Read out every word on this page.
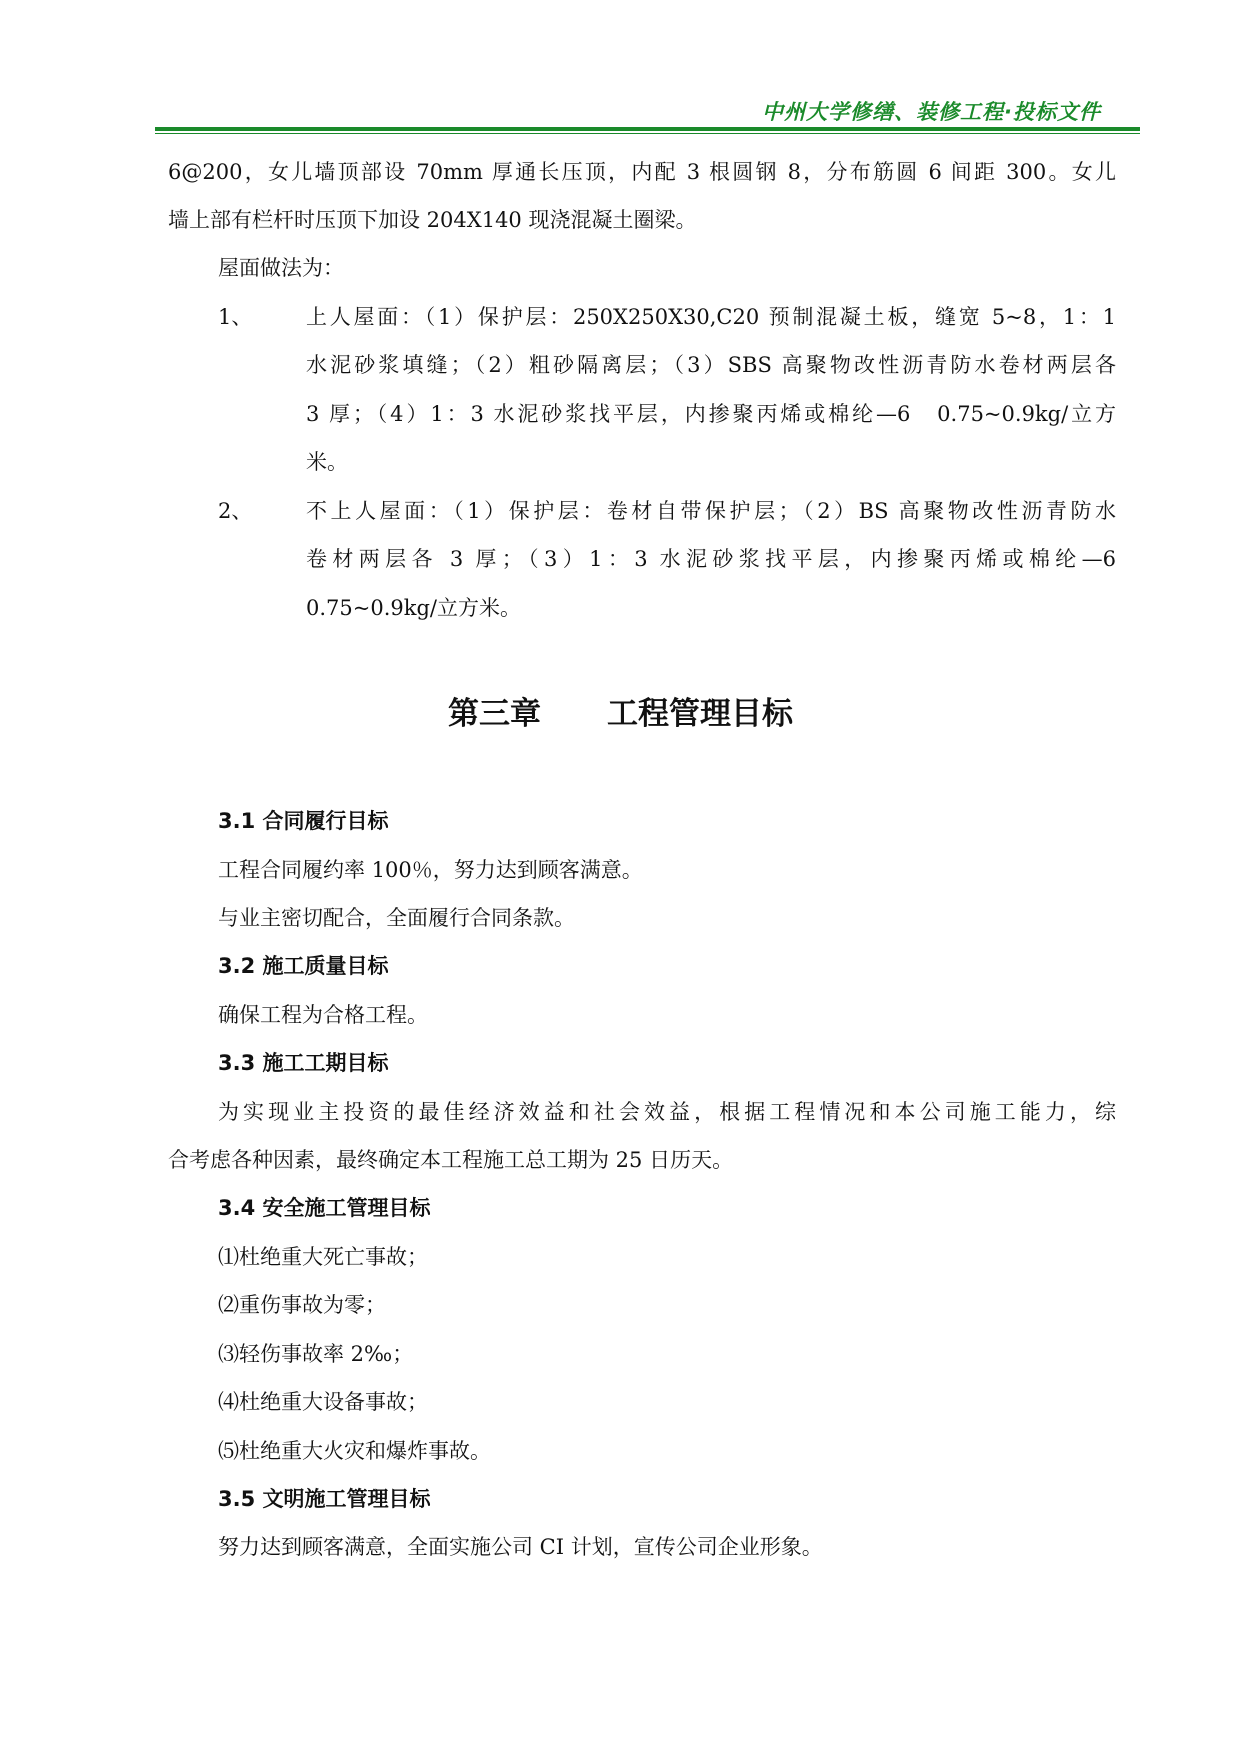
中州大学修缮、装修工程·投标文件
6@200，女儿墙顶部设 70mm 厚通长压顶，内配 3 根圆钢 8，分布筋圆 6 间距 300。女儿
墙上部有栏杆时压顶下加设 204X140 现浇混凝土圈梁。
屋面做法为：
1、	上人屋面：（1）保护层：250X250X30,C20 预制混凝土板，缝宽 5~8，1：1
水泥砂浆填缝；（2）粗砂隔离层；（3）SBS 高聚物改性沥青防水卷材两层各
3 厚；（4）1：3 水泥砂浆找平层，内掺聚丙烯或棉纶—6　0.75~0.9kg/立方
米。
2、	不上人屋面：（1）保护层：卷材自带保护层；（2）BS 高聚物改性沥青防水
卷材两层各 3 厚；（3）1：3 水泥砂浆找平层，内掺聚丙烯或棉纶—6
0.75~0.9kg/立方米。
第三章 工程管理目标
3.1 合同履行目标
工程合同履约率 100％，努力达到顾客满意。
与业主密切配合，全面履行合同条款。
3.2 施工质量目标
确保工程为合格工程。
3.3 施工工期目标
为实现业主投资的最佳经济效益和社会效益，根据工程情况和本公司施工能力，综
合考虑各种因素，最终确定本工程施工总工期为 25 日历天。
3.4 安全施工管理目标
⑴杜绝重大死亡事故；
⑵重伤事故为零；
⑶轻伤事故率 2‰；
⑷杜绝重大设备事故；
⑸杜绝重大火灾和爆炸事故。
3.5 文明施工管理目标
努力达到顾客满意，全面实施公司 CI 计划，宣传公司企业形象。
